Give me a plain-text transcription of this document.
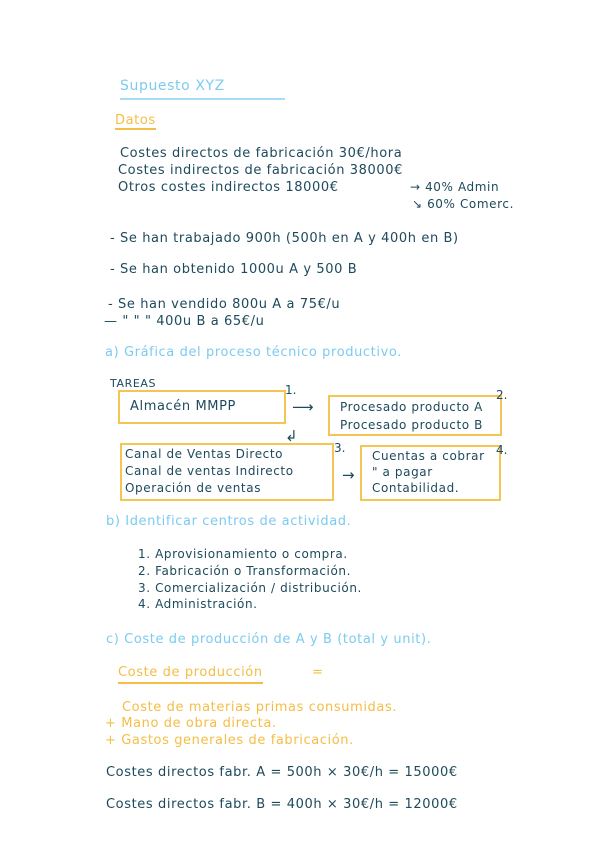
Supuesto XYZ
Datos
Costes directos de fabricación 30€/hora
Costes indirectos de fabricación 38000€
Otros costes indirectos 18000€	→ 40% Admin
↘ 60% Comerc.
- Se han trabajado 900h (500h en A y 400h en B)
- Se han obtenido 1000u A y 500 B
- Se han vendido 800u A a 75€/u
— " " " 400u B a 65€/u
a) Gráfica del proceso técnico productivo.
TAREAS
Almacén MMPP
1.
⟶	Procesado producto A
Procesado producto B
2.
↲
Canal de Ventas Directo
Canal de ventas Indirecto
Operación de ventas
3.
→
Cuentas a cobrar
" a pagar
Contabilidad.
4.
b) Identificar centros de actividad.
1. Aprovisionamiento o compra.
2. Fabricación o Transformación.
3. Comercialización / distribución.
4. Administración.
c) Coste de producción de A y B (total y unit).
Coste de producción	=
Coste de materias primas consumidas.
+ Mano de obra directa.
+ Gastos generales de fabricación.
Costes directos fabr. A = 500h × 30€/h = 15000€
Costes directos fabr. B = 400h × 30€/h = 12000€
